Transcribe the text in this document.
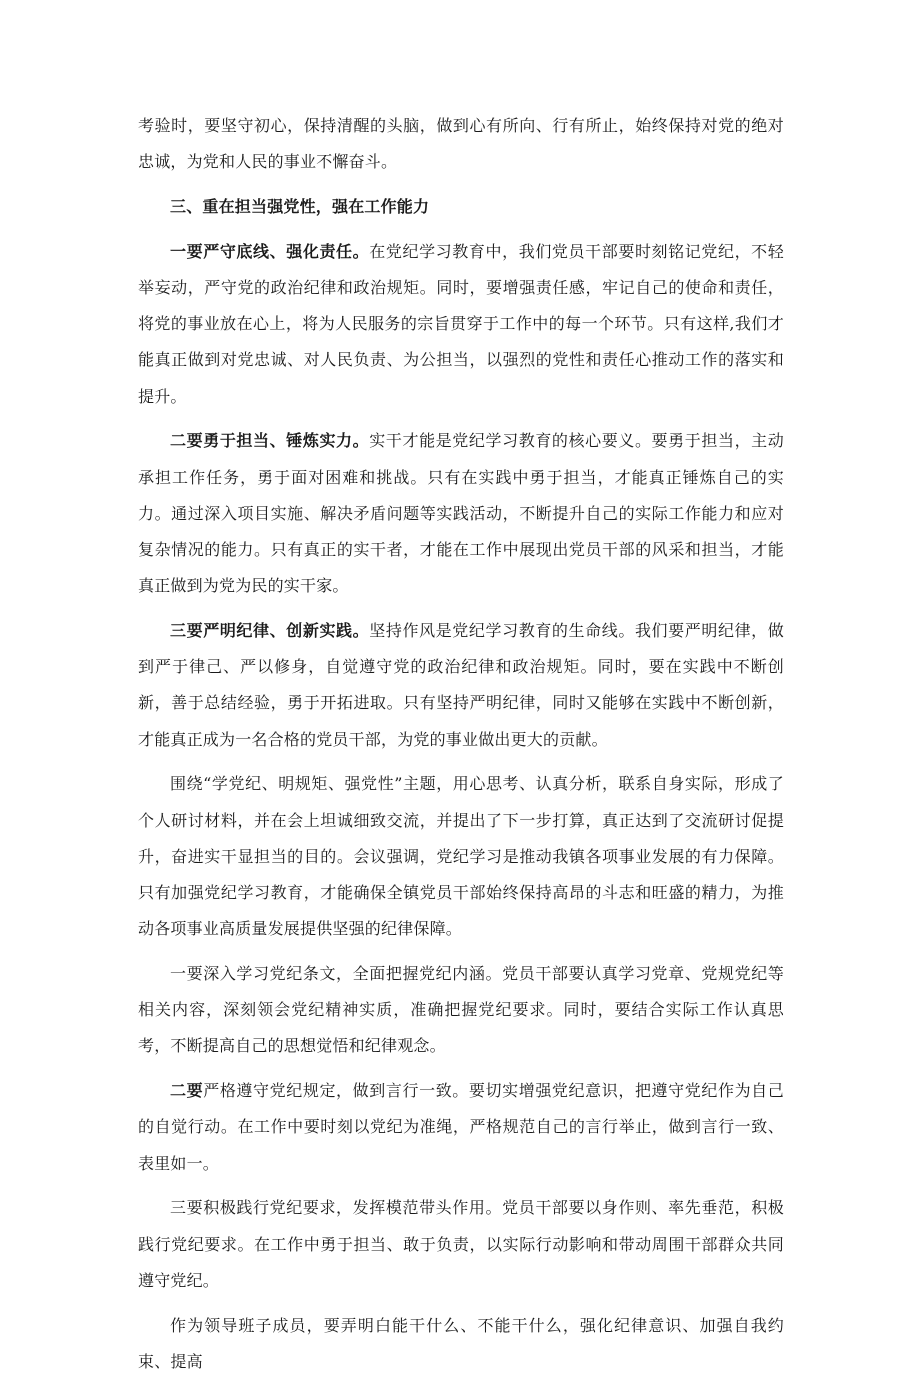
考验时，要坚守初心，保持清醒的头脑，做到心有所向、行有所止，始终保持对党的绝对忠诚，为党和人民的事业不懈奋斗。

三、重在担当强党性，强在工作能力

一要严守底线、强化责任。在党纪学习教育中，我们党员干部要时刻铭记党纪，不轻举妄动，严守党的政治纪律和政治规矩。同时，要增强责任感，牢记自己的使命和责任，将党的事业放在心上，将为人民服务的宗旨贯穿于工作中的每一个环节。只有这样,我们才能真正做到对党忠诚、对人民负责、为公担当，以强烈的党性和责任心推动工作的落实和提升。

二要勇于担当、锤炼实力。实干才能是党纪学习教育的核心要义。要勇于担当，主动承担工作任务，勇于面对困难和挑战。只有在实践中勇于担当，才能真正锤炼自己的实力。通过深入项目实施、解决矛盾问题等实践活动，不断提升自己的实际工作能力和应对复杂情况的能力。只有真正的实干者，才能在工作中展现出党员干部的风采和担当，才能真正做到为党为民的实干家。

三要严明纪律、创新实践。坚持作风是党纪学习教育的生命线。我们要严明纪律，做到严于律己、严以修身，自觉遵守党的政治纪律和政治规矩。同时，要在实践中不断创新，善于总结经验，勇于开拓进取。只有坚持严明纪律，同时又能够在实践中不断创新，才能真正成为一名合格的党员干部，为党的事业做出更大的贡献。

围绕“学党纪、明规矩、强党性”主题，用心思考、认真分析，联系自身实际，形成了个人研讨材料，并在会上坦诚细致交流，并提出了下一步打算，真正达到了交流研讨促提升，奋进实干显担当的目的。会议强调，党纪学习是推动我镇各项事业发展的有力保障。只有加强党纪学习教育，才能确保全镇党员干部始终保持高昂的斗志和旺盛的精力，为推动各项事业高质量发展提供坚强的纪律保障。

一要深入学习党纪条文，全面把握党纪内涵。党员干部要认真学习党章、党规党纪等相关内容，深刻领会党纪精神实质，准确把握党纪要求。同时，要结合实际工作认真思考，不断提高自己的思想觉悟和纪律观念。

二要严格遵守党纪规定，做到言行一致。要切实增强党纪意识，把遵守党纪作为自己的自觉行动。在工作中要时刻以党纪为准绳，严格规范自己的言行举止，做到言行一致、表里如一。

三要积极践行党纪要求，发挥模范带头作用。党员干部要以身作则、率先垂范，积极践行党纪要求。在工作中勇于担当、敢于负责，以实际行动影响和带动周围干部群众共同遵守党纪。

作为领导班子成员，要弄明白能干什么、不能干什么，强化纪律意识、加强自我约束、提高
